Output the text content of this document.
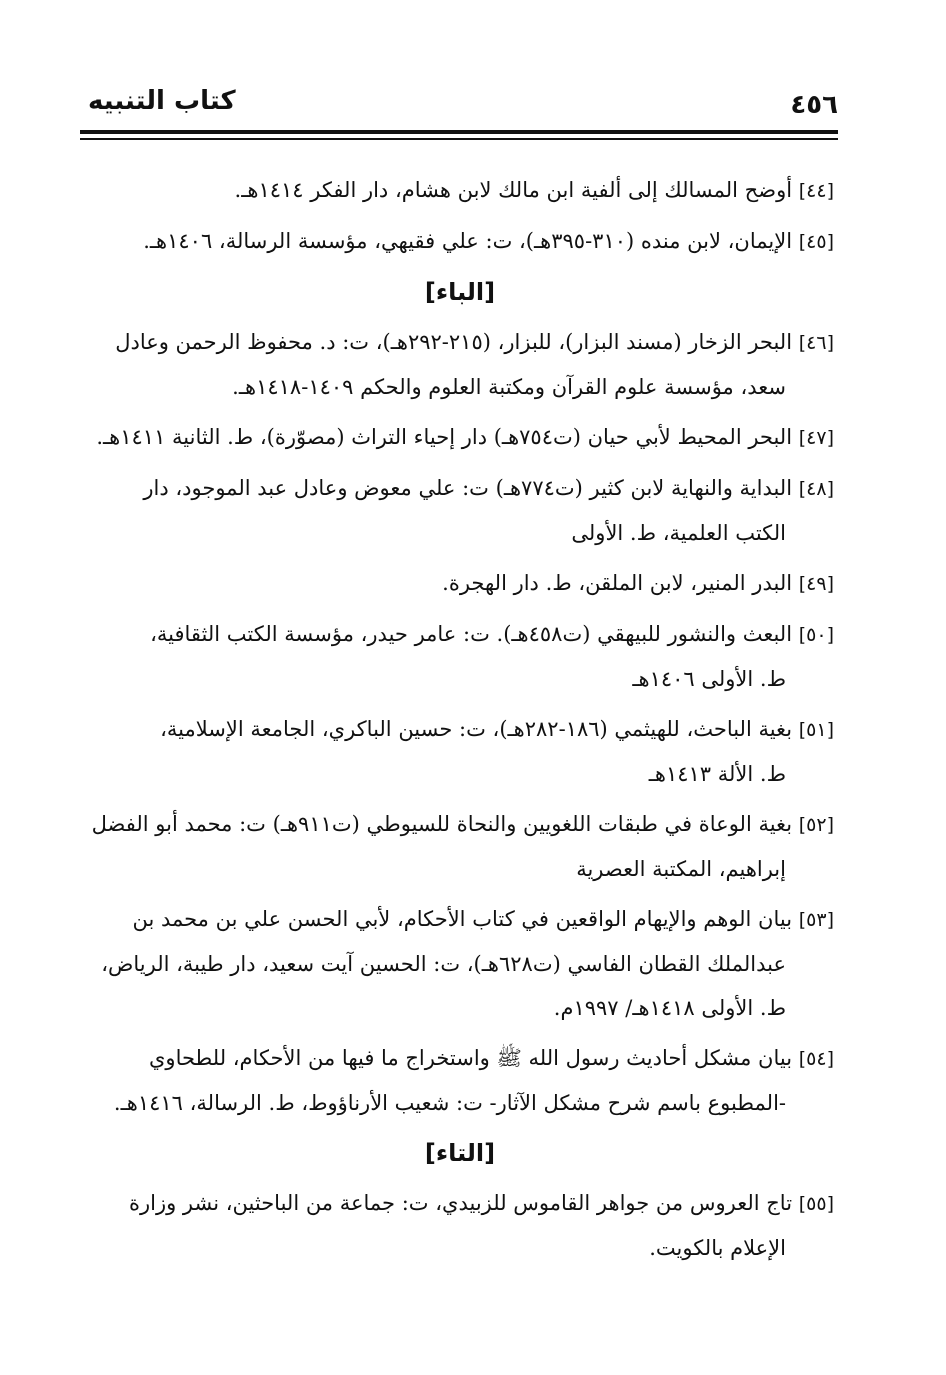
٤٥٦
كتاب التنبيه
[٤٤] أوضح المسالك إلى ألفية ابن مالك لابن هشام، دار الفكر ١٤١٤هـ.
[٤٥] الإيمان، لابن منده (٣١٠-٣٩٥هـ)، ت: علي فقيهي، مؤسسة الرسالة، ١٤٠٦هـ.
[الباء]
[٤٦] البحر الزخار (مسند البزار)، للبزار، (٢١٥-٢٩٢هـ)، ت: د. محفوظ الرحمن وعادل
سعد، مؤسسة علوم القرآن ومكتبة العلوم والحكم ١٤٠٩-١٤١٨هـ.
[٤٧] البحر المحيط لأبي حيان (ت٧٥٤هـ) دار إحياء التراث (مصوّرة)، ط. الثانية ١٤١١هـ.
[٤٨] البداية والنهاية لابن كثير (ت٧٧٤هـ) ت: علي معوض وعادل عبد الموجود، دار
الكتب العلمية، ط. الأولى
[٤٩] البدر المنير، لابن الملقن، ط. دار الهجرة.
[٥٠] البعث والنشور للبيهقي (ت٤٥٨هـ). ت: عامر حيدر، مؤسسة الكتب الثقافية،
ط. الأولى ١٤٠٦هـ
[٥١] بغية الباحث، للهيثمي (١٨٦-٢٨٢هـ)، ت: حسين الباكري، الجامعة الإسلامية،
ط. الألة ١٤١٣هـ
[٥٢] بغية الوعاة في طبقات اللغويين والنحاة للسيوطي (ت٩١١هـ) ت: محمد أبو الفضل
إبراهيم، المكتبة العصرية
[٥٣] بيان الوهم والإيهام الواقعين في كتاب الأحكام، لأبي الحسن علي بن محمد بن
عبدالملك القطان الفاسي (ت٦٢٨هـ)، ت: الحسين آيت سعيد، دار طيبة، الرياض،
ط. الأولى ١٤١٨هـ/ ١٩٩٧م.
[٥٤] بيان مشكل أحاديث رسول الله ﷺ واستخراج ما فيها من الأحكام، للطحاوي
-المطبوع باسم شرح مشكل الآثار- ت: شعيب الأرناؤوط، ط. الرسالة، ١٤١٦هـ.
[التاء]
[٥٥] تاج العروس من جواهر القاموس للزبيدي، ت: جماعة من الباحثين، نشر وزارة
الإعلام بالكويت.
